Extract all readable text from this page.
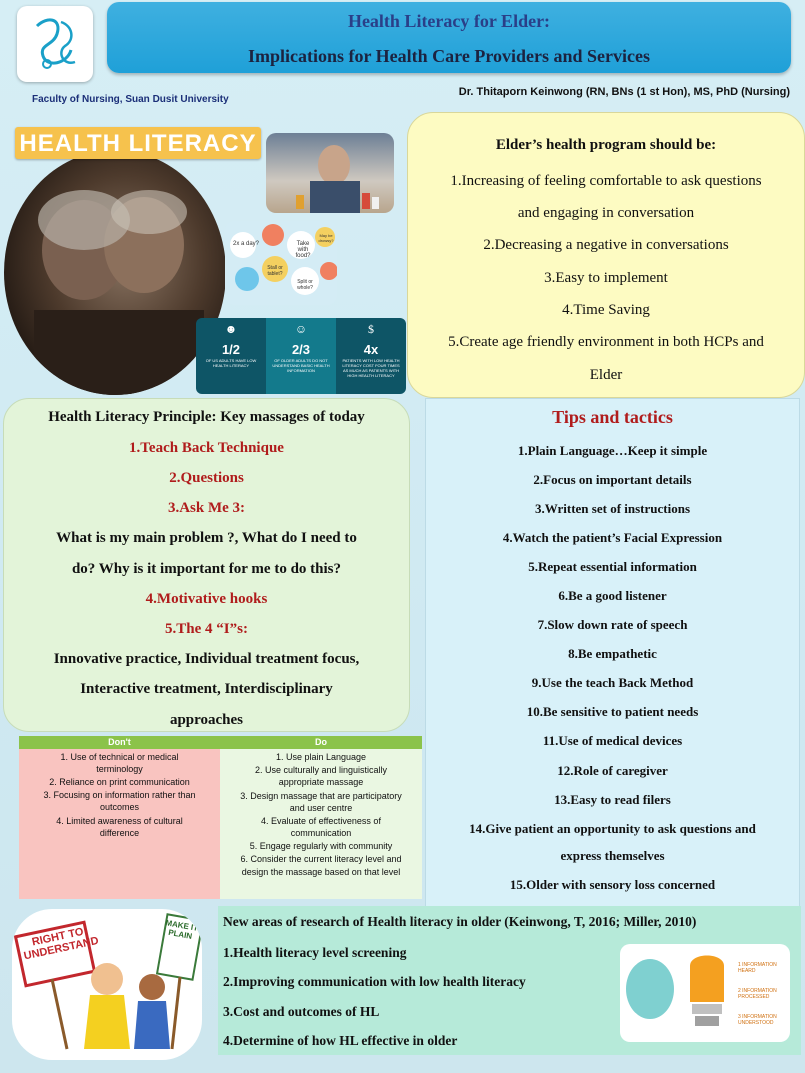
Health Literacy for Elder:
Implications for Health Care Providers and Services
Faculty of Nursing, Suan Dusit University
Dr. Thitaporn Keinwong (RN, BNs (1 st Hon), MS, PhD (Nursing)
HEALTH LITERACY
2x a day?	Take with food?
Stall or tablet?
May be drowsy?
Split or whole?
☻
1/2
OF US ADULTS HAVE LOW HEALTH LITERACY
☺
2/3
OF OLDER ADULTS DO NOT UNDERSTAND BASIC HEALTH INFORMATION
$
4x
PATIENTS WITH LOW HEALTH LITERACY COST FOUR TIMES AS MUCH AS PATIENTS WITH HIGH HEALTH LITERACY
Elder’s health program should be:
1.Increasing of feeling comfortable to ask questions
and engaging in conversation
2.Decreasing a negative in conversations
3.Easy to implement
4.Time Saving
5.Create age friendly environment in both HCPs and
Elder
Health Literacy Principle: Key massages of today
1.Teach Back Technique
2.Questions
3.Ask Me 3:
What is my main problem ?, What do I need to
do? Why is it important for me to do this?
4.Motivative hooks
5.The 4 “I”s:
Innovative practice, Individual treatment focus,
Interactive treatment, Interdisciplinary
approaches
Don't	Do
1. Use of technical or medical
terminology
2. Reliance on print communication
3. Focusing on information rather than
outcomes
4. Limited awareness of cultural
difference
1. Use plain Language
2. Use culturally and linguistically
appropriate massage
3. Design massage that are participatory
and user centre
4. Evaluate of effectiveness of
communication
5. Engage regularly with community
6. Consider the current literacy level and
design the massage based on that level
Tips and tactics
1.Plain Language…Keep it simple
2.Focus on important details
3.Written set of instructions
4.Watch the patient’s Facial Expression
5.Repeat essential information
6.Be a good listener
7.Slow down rate of speech
8.Be empathetic
9.Use the teach Back Method
10.Be sensitive to patient needs
11.Use of medical devices
12.Role of caregiver
13.Easy to read filers
14.Give patient an opportunity to ask questions and
express themselves
15.Older with sensory loss concerned
RIGHT TO UNDERSTAND
MAKE IT PLAIN
New areas of research of Health literacy in older (Keinwong, T, 2016; Miller, 2010)
1.Health literacy level screening
2.Improving communication with low health literacy
3.Cost and outcomes of HL
4.Determine of how HL effective in older
1 INFORMATION HEARD
2 INFORMATION PROCESSED
3 INFORMATION UNDERSTOOD
